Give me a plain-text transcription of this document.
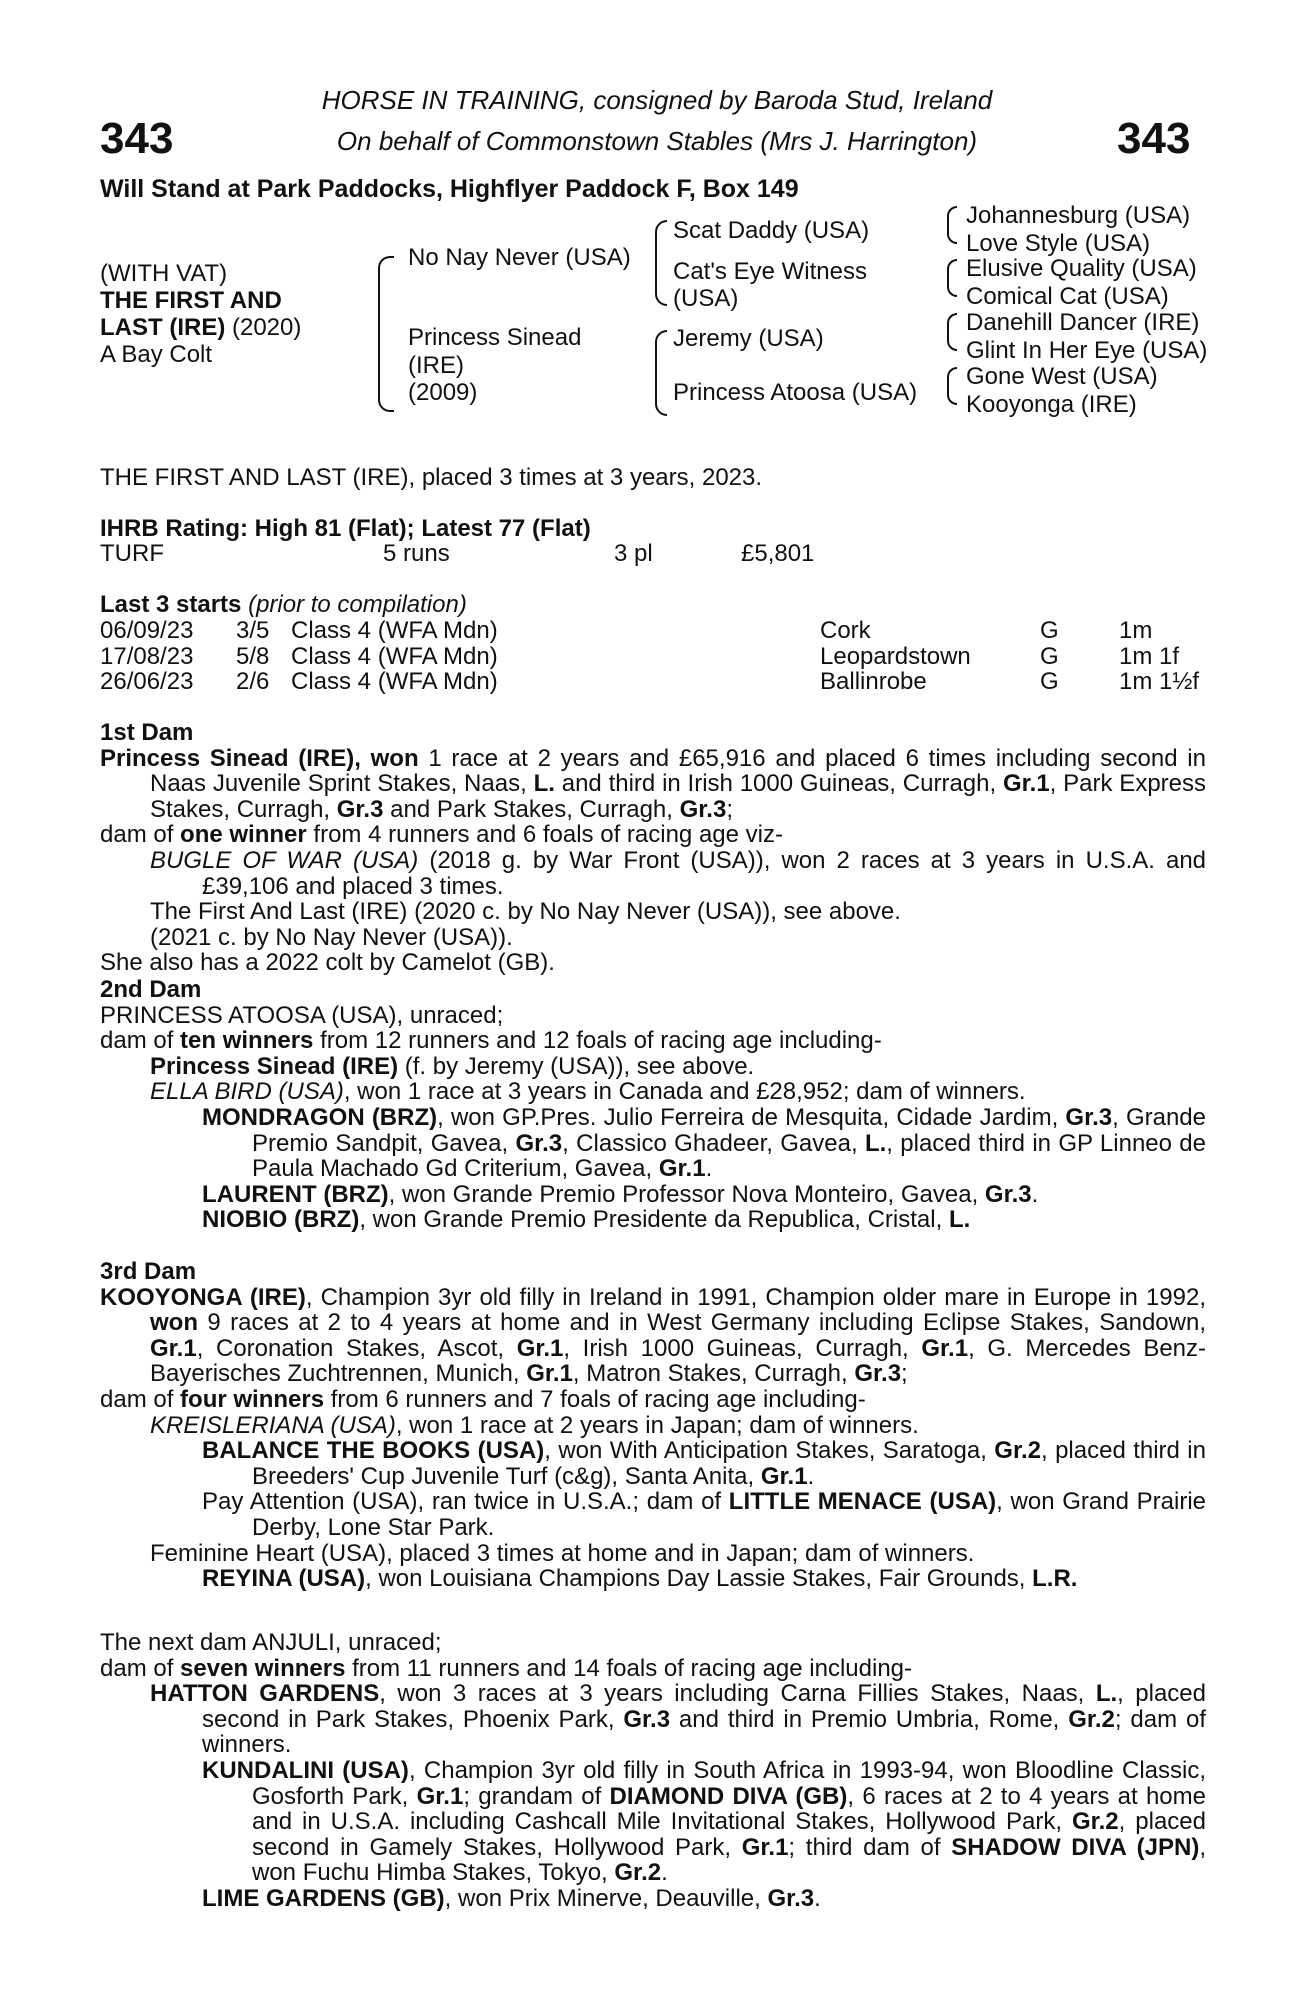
343	343
HORSE IN TRAINING, consigned by Baroda Stud, Ireland
On behalf of Commonstown Stables (Mrs J. Harrington)
Will Stand at Park Paddocks, Highflyer Paddock F, Box 149
(WITH VAT)
THE FIRST AND
LAST (IRE) (2020)
A Bay Colt
No Nay Never (USA)
Princess Sinead
(IRE)
(2009)
Scat Daddy (USA)
Cat's Eye Witness
(USA)
Jeremy (USA)
Princess Atoosa (USA)
Johannesburg (USA)
Love Style (USA)
Elusive Quality (USA)
Comical Cat (USA)
Danehill Dancer (IRE)
Glint In Her Eye (USA)
Gone West (USA)
Kooyonga (IRE)
THE FIRST AND LAST (IRE), placed 3 times at 3 years, 2023.
IHRB Rating: High 81 (Flat); Latest 77 (Flat)
TURF	5 runs	3 pl	£5,801
Last 3 starts (prior to compilation)
06/09/23 3/5 Class 4 (WFA Mdn)	Cork	G	1m
17/08/23 5/8 Class 4 (WFA Mdn)	Leopardstown	G	1m 1f
26/06/23 2/6 Class 4 (WFA Mdn)	Ballinrobe	G	1m 1½f

1st Dam

Princess Sinead (IRE), won 1 race at 2 years and £65,916 and placed 6 times including second in Naas Juvenile Sprint Stakes, Naas, L. and third in Irish 1000 Guineas, Curragh, Gr.1, Park Express Stakes, Curragh, Gr.3 and Park Stakes, Curragh, Gr.3;

dam of one winner from 4 runners and 6 foals of racing age viz-

BUGLE OF WAR (USA) (2018 g. by War Front (USA)), won 2 races at 3 years in U.S.A. and £39,106 and placed 3 times.

The First And Last (IRE) (2020 c. by No Nay Never (USA)), see above.

(2021 c. by No Nay Never (USA)).

She also has a 2022 colt by Camelot (GB).

2nd Dam

PRINCESS ATOOSA (USA), unraced;

dam of ten winners from 12 runners and 12 foals of racing age including-

Princess Sinead (IRE) (f. by Jeremy (USA)), see above.

ELLA BIRD (USA), won 1 race at 3 years in Canada and £28,952; dam of winners.

MONDRAGON (BRZ), won GP.Pres. Julio Ferreira de Mesquita, Cidade Jardim, Gr.3, Grande Premio Sandpit, Gavea, Gr.3, Classico Ghadeer, Gavea, L., placed third in GP Linneo de Paula Machado Gd Criterium, Gavea, Gr.1.

LAURENT (BRZ), won Grande Premio Professor Nova Monteiro, Gavea, Gr.3.

NIOBIO (BRZ), won Grande Premio Presidente da Republica, Cristal, L.

3rd Dam

KOOYONGA (IRE), Champion 3yr old filly in Ireland in 1991, Champion older mare in Europe in 1992, won 9 races at 2 to 4 years at home and in West Germany including Eclipse Stakes, Sandown, Gr.1, Coronation Stakes, Ascot, Gr.1, Irish 1000 Guineas, Curragh, Gr.1, G. Mercedes Benz-Bayerisches Zuchtrennen, Munich, Gr.1, Matron Stakes, Curragh, Gr.3;

dam of four winners from 6 runners and 7 foals of racing age including-

KREISLERIANA (USA), won 1 race at 2 years in Japan; dam of winners.

BALANCE THE BOOKS (USA), won With Anticipation Stakes, Saratoga, Gr.2, placed third in Breeders' Cup Juvenile Turf (c&g), Santa Anita, Gr.1.

Pay Attention (USA), ran twice in U.S.A.; dam of LITTLE MENACE (USA), won Grand Prairie Derby, Lone Star Park.

Feminine Heart (USA), placed 3 times at home and in Japan; dam of winners.

REYINA (USA), won Louisiana Champions Day Lassie Stakes, Fair Grounds, L.R.

The next dam ANJULI, unraced;

dam of seven winners from 11 runners and 14 foals of racing age including-

HATTON GARDENS, won 3 races at 3 years including Carna Fillies Stakes, Naas, L., placed second in Park Stakes, Phoenix Park, Gr.3 and third in Premio Umbria, Rome, Gr.2; dam of winners.

KUNDALINI (USA), Champion 3yr old filly in South Africa in 1993-94, won Bloodline Classic, Gosforth Park, Gr.1; grandam of DIAMOND DIVA (GB), 6 races at 2 to 4 years at home and in U.S.A. including Cashcall Mile Invitational Stakes, Hollywood Park, Gr.2, placed second in Gamely Stakes, Hollywood Park, Gr.1; third dam of SHADOW DIVA (JPN), won Fuchu Himba Stakes, Tokyo, Gr.2.

LIME GARDENS (GB), won Prix Minerve, Deauville, Gr.3.
